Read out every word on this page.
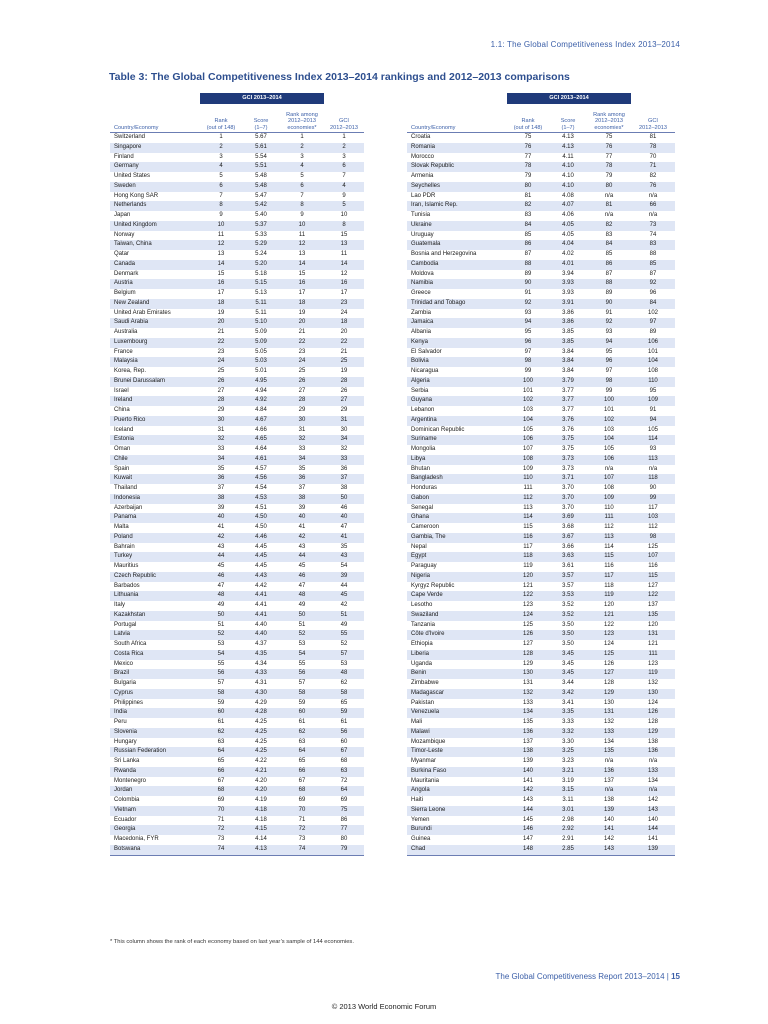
1.1: The Global Competitiveness Index 2013–2014
Table 3: The Global Competitiveness Index 2013–2014 rankings and 2012–2013 comparisons
	GCI 2013–2014			
Country/Economy	Rank
(out of 148)	Score
(1–7)	Rank among
2012–2013
economies*	GCI
2012–2013
Switzerland	1	5.67	1	1
Singapore	2	5.61	2	2
Finland	3	5.54	3	3
Germany	4	5.51	4	6
United States	5	5.48	5	7
Sweden	6	5.48	6	4
Hong Kong SAR	7	5.47	7	9
Netherlands	8	5.42	8	5
Japan	9	5.40	9	10
United Kingdom	10	5.37	10	8
Norway	11	5.33	11	15
Taiwan, China	12	5.29	12	13
Qatar	13	5.24	13	11
Canada	14	5.20	14	14
Denmark	15	5.18	15	12
Austria	16	5.15	16	16
Belgium	17	5.13	17	17
New Zealand	18	5.11	18	23
United Arab Emirates	19	5.11	19	24
Saudi Arabia	20	5.10	20	18
Australia	21	5.09	21	20
Luxembourg	22	5.09	22	22
France	23	5.05	23	21
Malaysia	24	5.03	24	25
Korea, Rep.	25	5.01	25	19
Brunei Darussalam	26	4.95	26	28
Israel	27	4.94	27	26
Ireland	28	4.92	28	27
China	29	4.84	29	29
Puerto Rico	30	4.67	30	31
Iceland	31	4.66	31	30
Estonia	32	4.65	32	34
Oman	33	4.64	33	32
Chile	34	4.61	34	33
Spain	35	4.57	35	36
Kuwait	36	4.56	36	37
Thailand	37	4.54	37	38
Indonesia	38	4.53	38	50
Azerbaijan	39	4.51	39	46
Panama	40	4.50	40	40
Malta	41	4.50	41	47
Poland	42	4.46	42	41
Bahrain	43	4.45	43	35
Turkey	44	4.45	44	43
Mauritius	45	4.45	45	54
Czech Republic	46	4.43	46	39
Barbados	47	4.42	47	44
Lithuania	48	4.41	48	45
Italy	49	4.41	49	42
Kazakhstan	50	4.41	50	51
Portugal	51	4.40	51	49
Latvia	52	4.40	52	55
South Africa	53	4.37	53	52
Costa Rica	54	4.35	54	57
Mexico	55	4.34	55	53
Brazil	56	4.33	56	48
Bulgaria	57	4.31	57	62
Cyprus	58	4.30	58	58
Philippines	59	4.29	59	65
India	60	4.28	60	59
Peru	61	4.25	61	61
Slovenia	62	4.25	62	56
Hungary	63	4.25	63	60
Russian Federation	64	4.25	64	67
Sri Lanka	65	4.22	65	68
Rwanda	66	4.21	66	63
Montenegro	67	4.20	67	72
Jordan	68	4.20	68	64
Colombia	69	4.19	69	69
Vietnam	70	4.18	70	75
Ecuador	71	4.18	71	86
Georgia	72	4.15	72	77
Macedonia, FYR	73	4.14	73	80
Botswana	74	4.13	74	79
	GCI 2013–2014			
Country/Economy	Rank
(out of 148)	Score
(1–7)	Rank among
2012–2013
economies*	GCI
2012–2013
Croatia	75	4.13	75	81
Romania	76	4.13	76	78
Morocco	77	4.11	77	70
Slovak Republic	78	4.10	78	71
Armenia	79	4.10	79	82
Seychelles	80	4.10	80	76
Lao PDR	81	4.08	n/a	n/a
Iran, Islamic Rep.	82	4.07	81	66
Tunisia	83	4.06	n/a	n/a
Ukraine	84	4.05	82	73
Uruguay	85	4.05	83	74
Guatemala	86	4.04	84	83
Bosnia and Herzegovina	87	4.02	85	88
Cambodia	88	4.01	86	85
Moldova	89	3.94	87	87
Namibia	90	3.93	88	92
Greece	91	3.93	89	96
Trinidad and Tobago	92	3.91	90	84
Zambia	93	3.86	91	102
Jamaica	94	3.86	92	97
Albania	95	3.85	93	89
Kenya	96	3.85	94	106
El Salvador	97	3.84	95	101
Bolivia	98	3.84	96	104
Nicaragua	99	3.84	97	108
Algeria	100	3.79	98	110
Serbia	101	3.77	99	95
Guyana	102	3.77	100	109
Lebanon	103	3.77	101	91
Argentina	104	3.76	102	94
Dominican Republic	105	3.76	103	105
Suriname	106	3.75	104	114
Mongolia	107	3.75	105	93
Libya	108	3.73	106	113
Bhutan	109	3.73	n/a	n/a
Bangladesh	110	3.71	107	118
Honduras	111	3.70	108	90
Gabon	112	3.70	109	99
Senegal	113	3.70	110	117
Ghana	114	3.69	111	103
Cameroon	115	3.68	112	112
Gambia, The	116	3.67	113	98
Nepal	117	3.66	114	125
Egypt	118	3.63	115	107
Paraguay	119	3.61	116	116
Nigeria	120	3.57	117	115
Kyrgyz Republic	121	3.57	118	127
Cape Verde	122	3.53	119	122
Lesotho	123	3.52	120	137
Swaziland	124	3.52	121	135
Tanzania	125	3.50	122	120
Côte d'Ivoire	126	3.50	123	131
Ethiopia	127	3.50	124	121
Liberia	128	3.45	125	111
Uganda	129	3.45	126	123
Benin	130	3.45	127	119
Zimbabwe	131	3.44	128	132
Madagascar	132	3.42	129	130
Pakistan	133	3.41	130	124
Venezuela	134	3.35	131	126
Mali	135	3.33	132	128
Malawi	136	3.32	133	129
Mozambique	137	3.30	134	138
Timor-Leste	138	3.25	135	136
Myanmar	139	3.23	n/a	n/a
Burkina Faso	140	3.21	136	133
Mauritania	141	3.19	137	134
Angola	142	3.15	n/a	n/a
Haiti	143	3.11	138	142
Sierra Leone	144	3.01	139	143
Yemen	145	2.98	140	140
Burundi	146	2.92	141	144
Guinea	147	2.91	142	141
Chad	148	2.85	143	139

* This column shows the rank of each economy based on last year’s sample of 144 economies.

The Global Competitiveness Report 2013–2014 | 15
© 2013 World Economic Forum
